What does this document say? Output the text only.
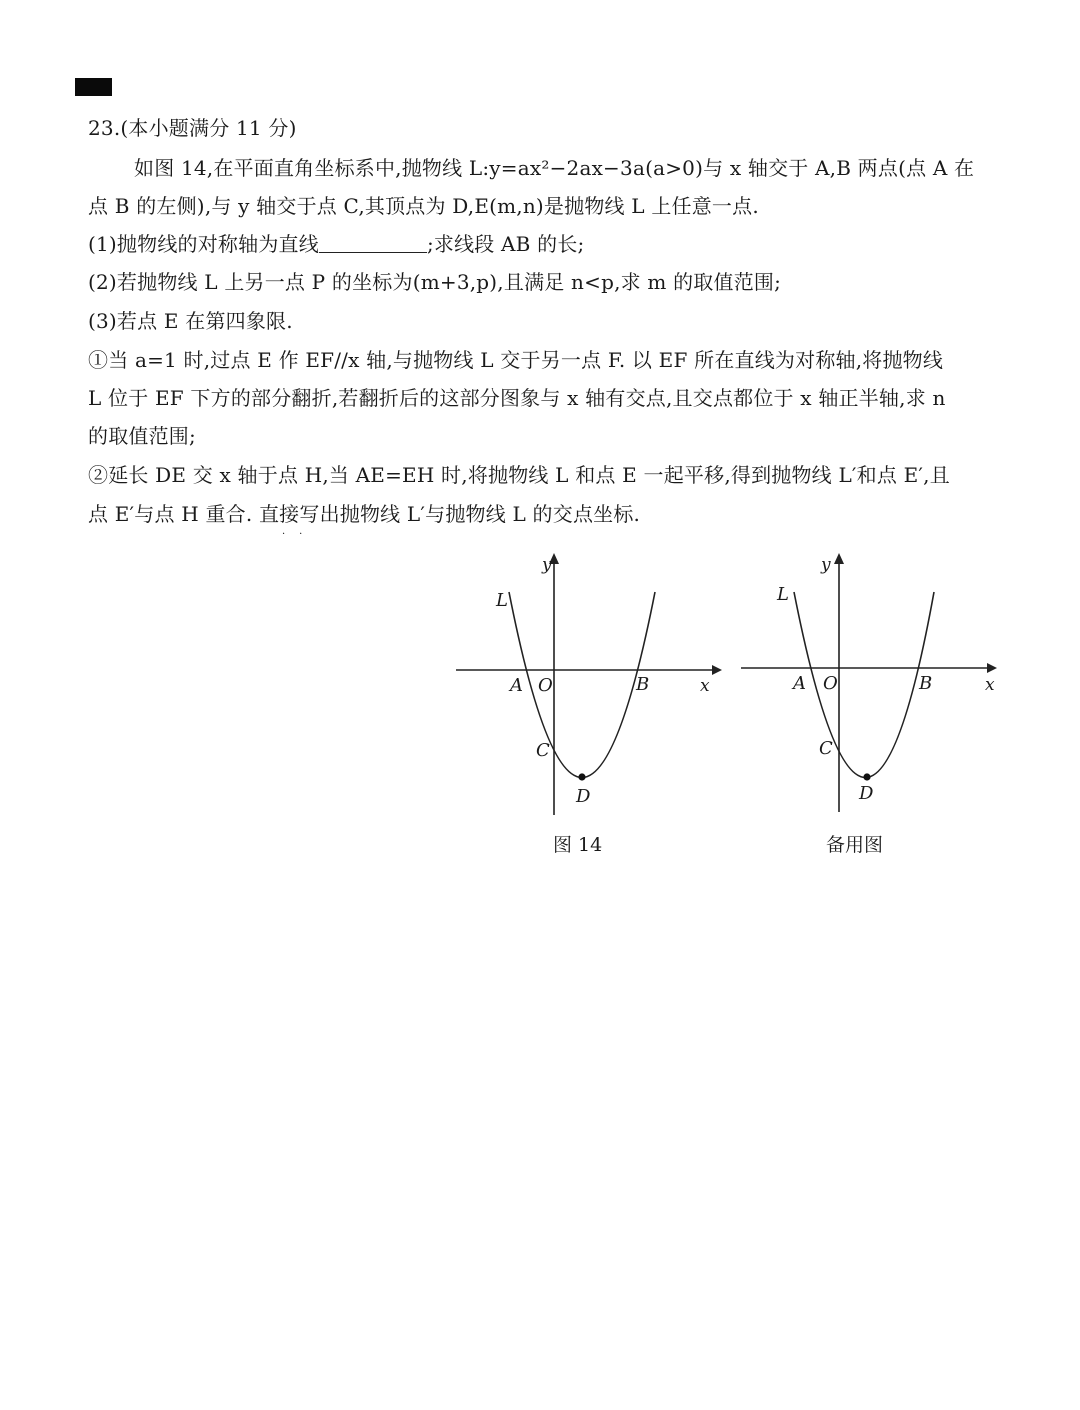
23.(本小题满分 11 分)
如图 14,在平面直角坐标系中,抛物线 L:y=ax²−2ax−3a(a>0)与 x 轴交于 A,B 两点(点 A 在
点 B 的左侧),与 y 轴交于点 C,其顶点为 D,E(m,n)是抛物线 L 上任意一点.
(1)抛物线的对称轴为直线	;求线段 AB 的长;
(2)若抛物线 L 上另一点 P 的坐标为(m+3,p),且满足 n<p,求 m 的取值范围;
(3)若点 E 在第四象限.
①当 a=1 时,过点 E 作 EF//x 轴,与抛物线 L 交于另一点 F. 以 EF 所在直线为对称轴,将抛物线
L 位于 EF 下方的部分翻折,若翻折后的这部分图象与 x 轴有交点,且交点都位于 x 轴正半轴,求 n
的取值范围;
②延长 DE 交 x 轴于点 H,当 AE=EH 时,将抛物线 L 和点 E 一起平移,得到抛物线 L′和点 E′,且
点 E′与点 H 重合. 直接写出抛物线 L′与抛物线 L 的交点坐标.
··
L
y
x
A O	B
C
D
图 14
L
y
x
A O	B
C
D
备用图
